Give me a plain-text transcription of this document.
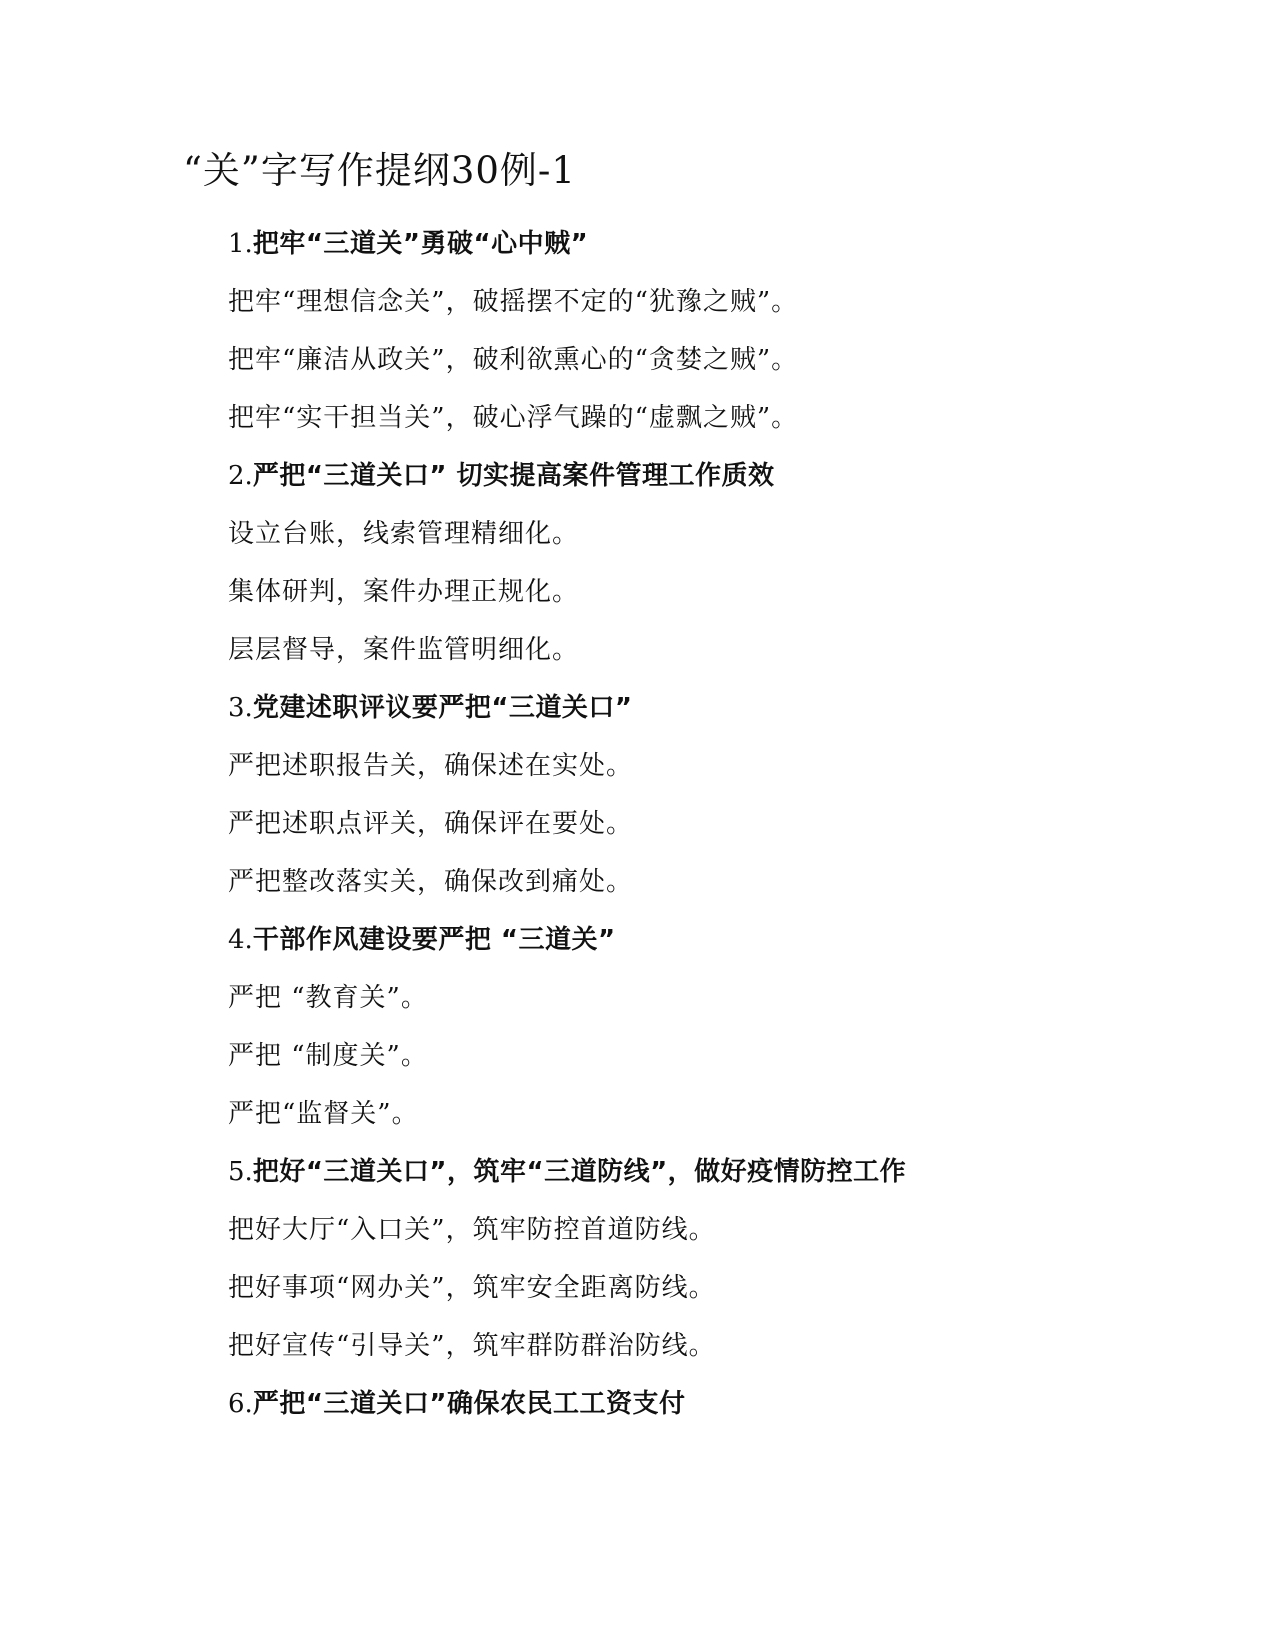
“关”字写作提纲30例-1
1.把牢“三道关”勇破“心中贼”
把牢“理想信念关”，破摇摆不定的“犹豫之贼”。
把牢“廉洁从政关”，破利欲熏心的“贪婪之贼”。
把牢“实干担当关”，破心浮气躁的“虚飘之贼”。
2.严把“三道关口” 切实提高案件管理工作质效
设立台账，线索管理精细化。
集体研判，案件办理正规化。
层层督导，案件监管明细化。
3.党建述职评议要严把“三道关口”
严把述职报告关，确保述在实处。
严把述职点评关，确保评在要处。
严把整改落实关，确保改到痛处。
4.干部作风建设要严把 “三道关”
严把 “教育关”。
严把 “制度关”。
严把“监督关”。
5.把好“三道关口”，筑牢“三道防线”，做好疫情防控工作
把好大厅“入口关”，筑牢防控首道防线。
把好事项“网办关”，筑牢安全距离防线。
把好宣传“引导关”，筑牢群防群治防线。
6.严把“三道关口”确保农民工工资支付
